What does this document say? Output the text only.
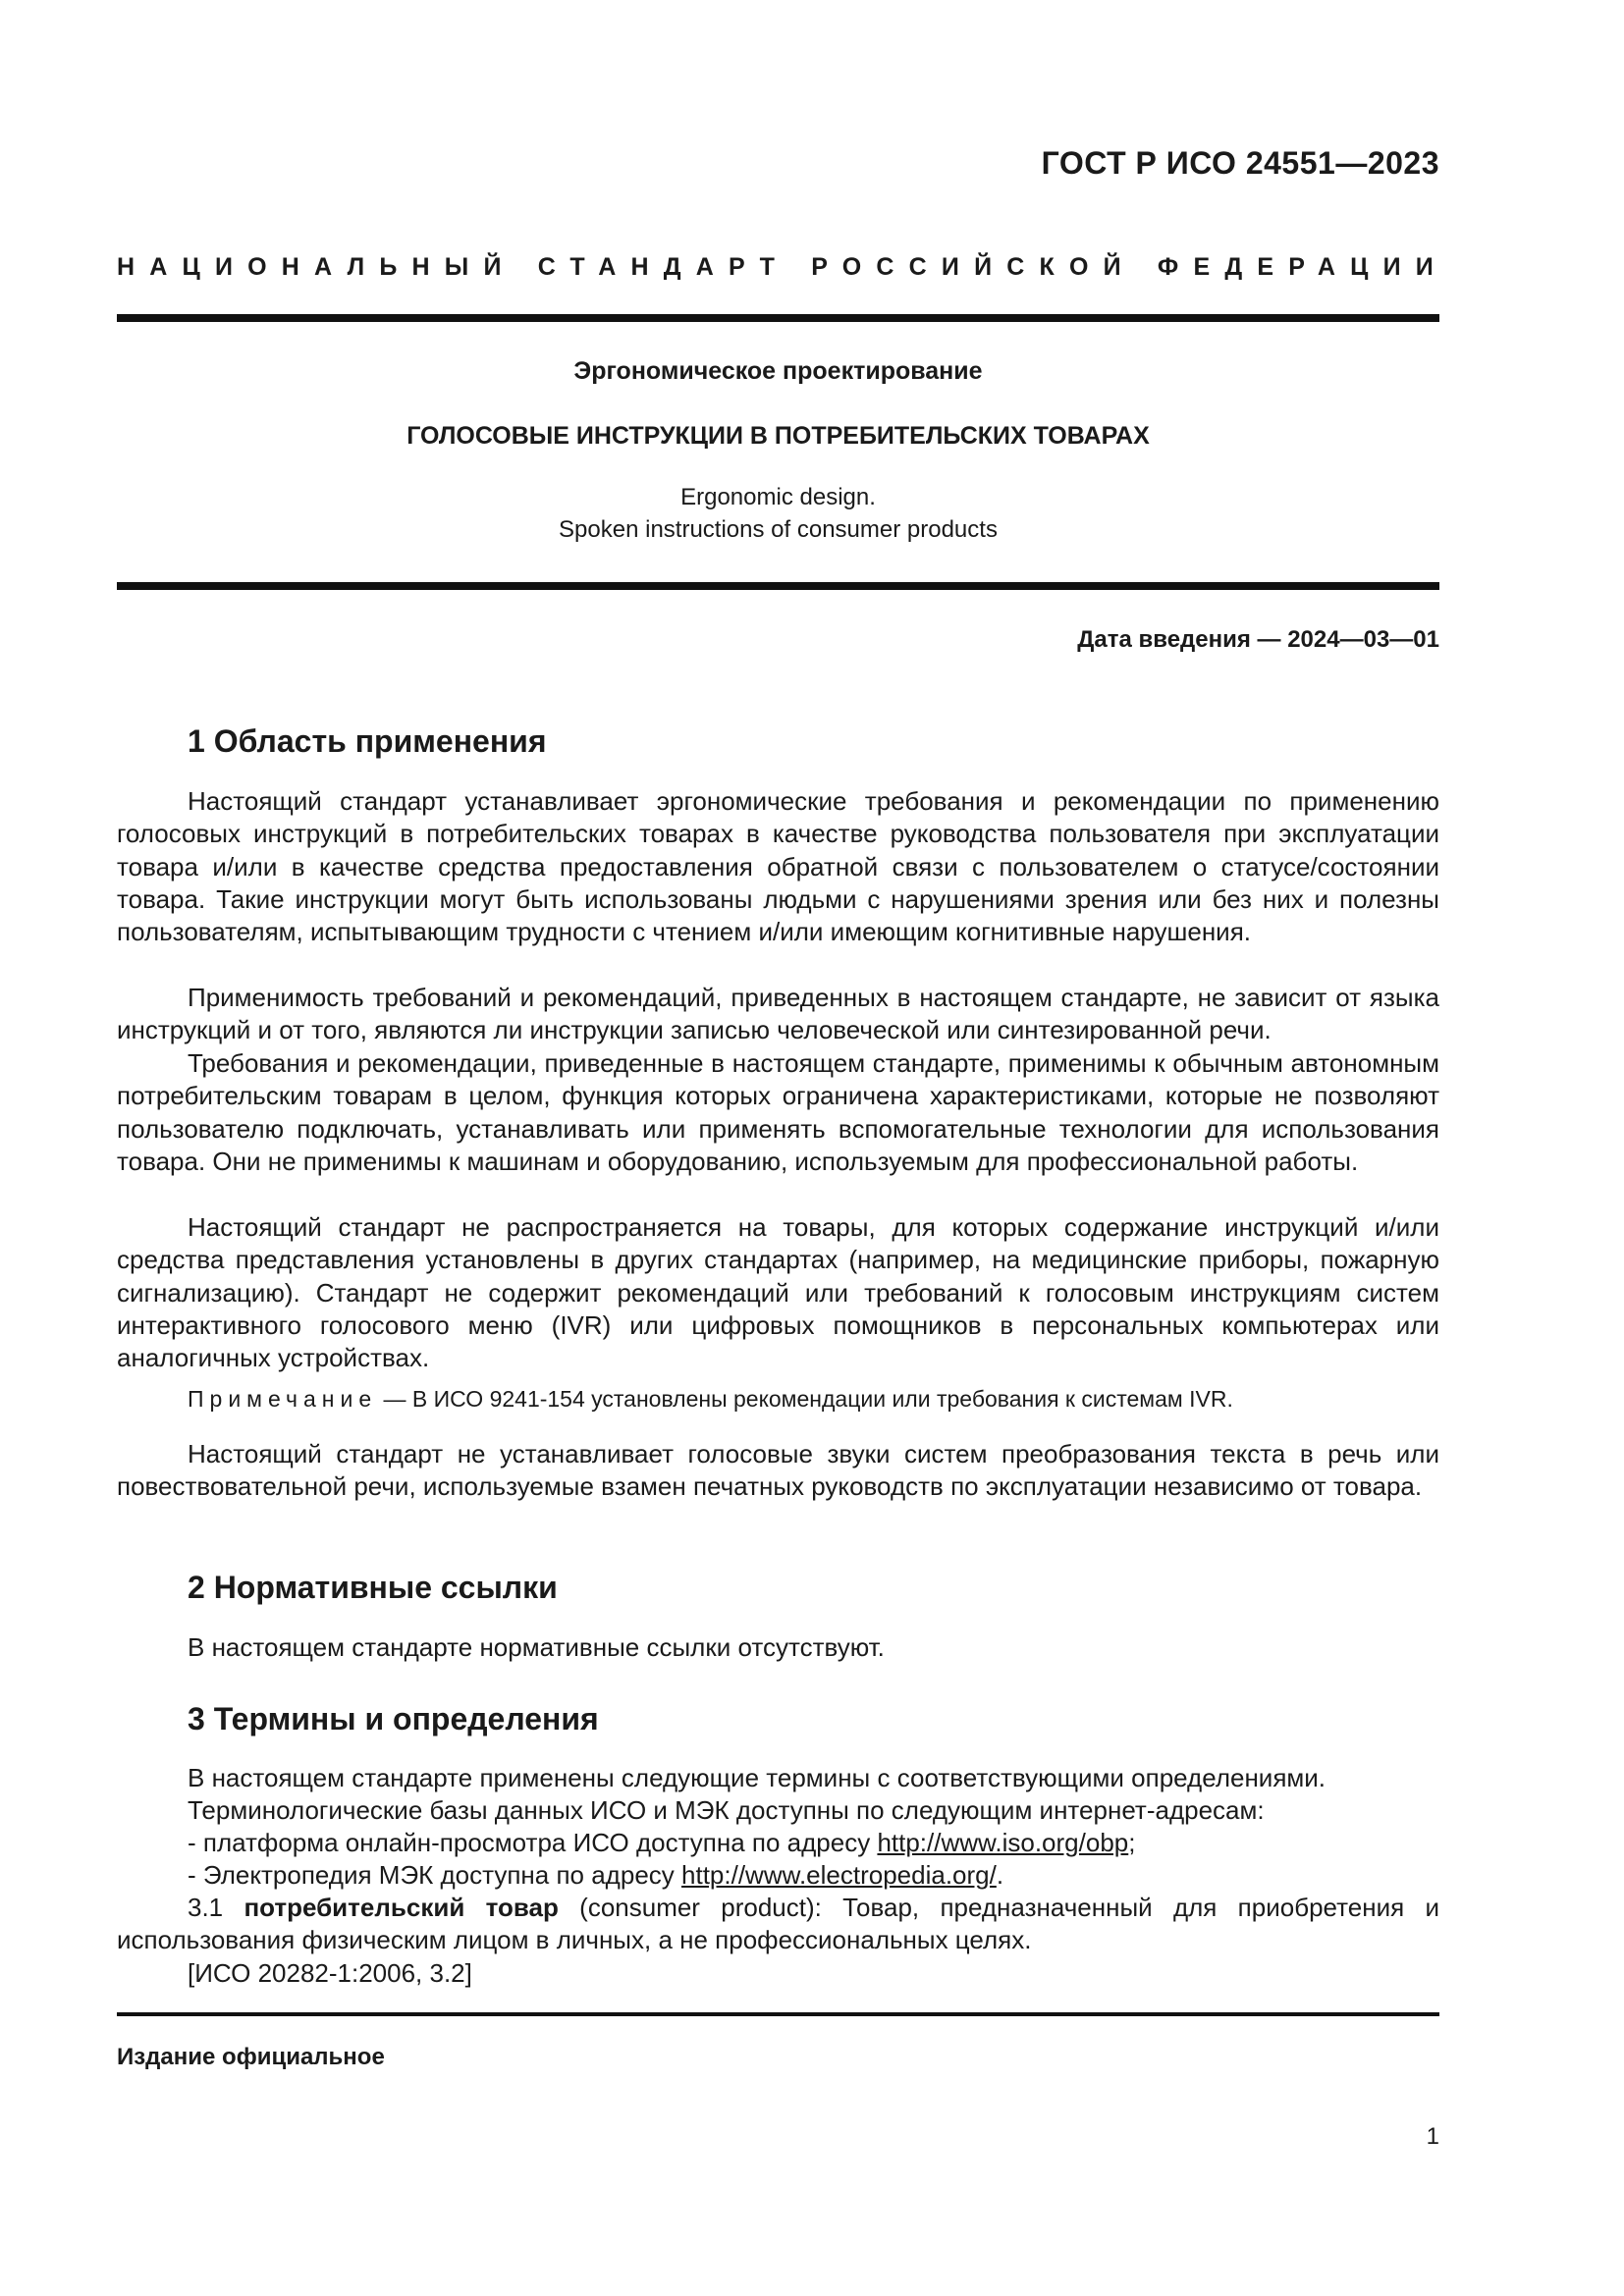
ГОСТ Р ИСО 24551—2023
НАЦИОНАЛЬНЫЙ СТАНДАРТ РОССИЙСКОЙ ФЕДЕРАЦИИ
Эргономическое проектирование
ГОЛОСОВЫЕ ИНСТРУКЦИИ В ПОТРЕБИТЕЛЬСКИХ ТОВАРАХ
Ergonomic design.
Spoken instructions of consumer products
Дата введения — 2024—03—01
1 Область применения

Настоящий стандарт устанавливает эргономические требования и рекомендации по применению голосовых инструкций в потребительских товарах в качестве руководства пользователя при эксплуатации товара и/или в качестве средства предоставления обратной связи с пользователем о статусе/состоянии товара. Такие инструкции могут быть использованы людьми с нарушениями зрения или без них и полезны пользователям, испытывающим трудности с чтением и/или имеющим когнитивные нарушения.

Применимость требований и рекомендаций, приведенных в настоящем стандарте, не зависит от языка инструкций и от того, являются ли инструкции записью человеческой или синтезированной речи.

Требования и рекомендации, приведенные в настоящем стандарте, применимы к обычным автономным потребительским товарам в целом, функция которых ограничена характеристиками, которые не позволяют пользователю подключать, устанавливать или применять вспомогательные технологии для использования товара. Они не применимы к машинам и оборудованию, используемым для профессиональной работы.

Настоящий стандарт не распространяется на товары, для которых содержание инструкций и/или средства представления установлены в других стандартах (например, на медицинские приборы, пожарную сигнализацию). Стандарт не содержит рекомендаций или требований к голосовым инструкциям систем интерактивного голосового меню (IVR) или цифровых помощников в персональных компьютерах или аналогичных устройствах.

Примечание — В ИСО 9241-154 установлены рекомендации или требования к системам IVR.

Настоящий стандарт не устанавливает голосовые звуки систем преобразования текста в речь или повествовательной речи, используемые взамен печатных руководств по эксплуатации независимо от товара.

2 Нормативные ссылки
В настоящем стандарте нормативные ссылки отсутствуют.
3 Термины и определения
В настоящем стандарте применены следующие термины с соответствующими определениями.
Терминологические базы данных ИСО и МЭК доступны по следующим интернет-адресам:
- платформа онлайн-просмотра ИСО доступна по адресу http://www.iso.org/obp;
- Электропедия МЭК доступна по адресу http://www.electropedia.org/.

3.1 потребительский товар (consumer product): Товар, предназначенный для приобретения и использования физическим лицом в личных, а не профессиональных целях.

[ИСО 20282-1:2006, 3.2]
Издание официальное
1
